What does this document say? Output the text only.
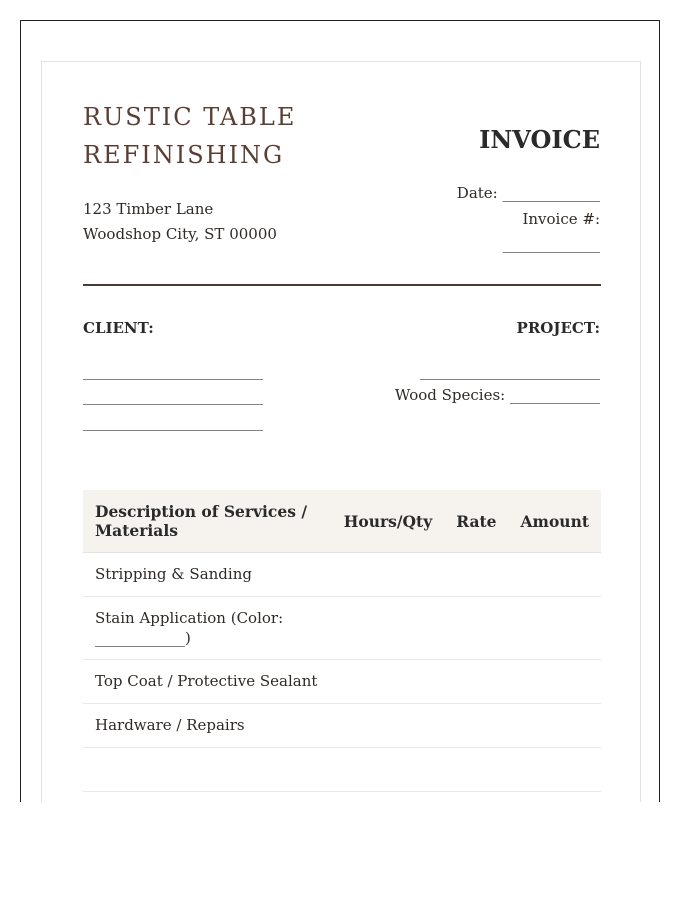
RUSTIC TABLE
REFINISHING
123 Timber Lane
Woodshop City, ST 00000
INVOICE
Date: _____________
Invoice #:
_____________
CLIENT:
________________________
________________________
________________________
PROJECT:
________________________
Wood Species: ____________
Description of Services / Materials	Hours/Qty	Rate	Amount
Stripping & Sanding			
Stain Application (Color: ____________)			
Top Coat / Protective Sealant			
Hardware / Repairs			
